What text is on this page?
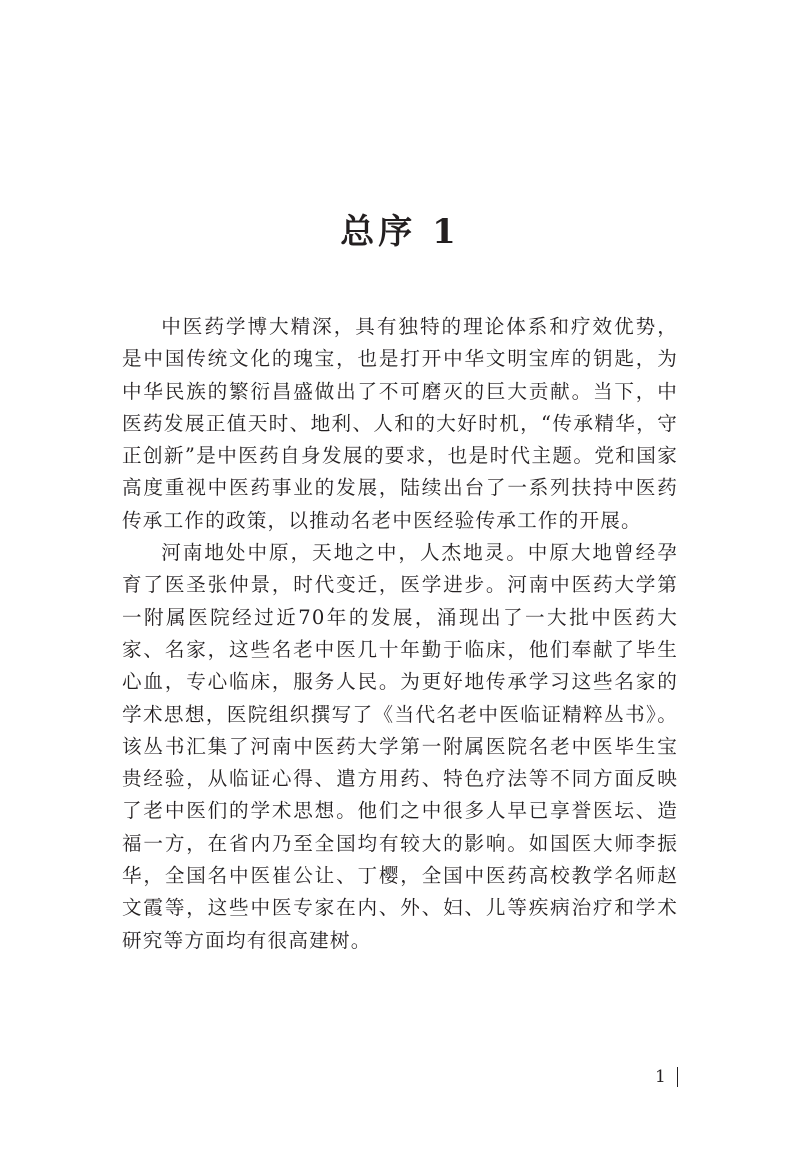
总序 1

中医药学博大精深，具有独特的理论体系和疗效优势，是中国传统文化的瑰宝，也是打开中华文明宝库的钥匙，为中华民族的繁衍昌盛做出了不可磨灭的巨大贡献。当下，中医药发展正值天时、地利、人和的大好时机，“传承精华，守正创新”是中医药自身发展的要求，也是时代主题。党和国家高度重视中医药事业的发展，陆续出台了一系列扶持中医药传承工作的政策，以推动名老中医经验传承工作的开展。

河南地处中原，天地之中，人杰地灵。中原大地曾经孕育了医圣张仲景，时代变迁，医学进步。河南中医药大学第一附属医院经过近70年的发展，涌现出了一大批中医药大家、名家，这些名老中医几十年勤于临床，他们奉献了毕生心血，专心临床，服务人民。为更好地传承学习这些名家的学术思想，医院组织撰写了《当代名老中医临证精粹丛书》。该丛书汇集了河南中医药大学第一附属医院名老中医毕生宝贵经验，从临证心得、遣方用药、特色疗法等不同方面反映了老中医们的学术思想。他们之中很多人早已享誉医坛、造福一方，在省内乃至全国均有较大的影响。如国医大师李振华，全国名中医崔公让、丁樱，全国中医药高校教学名师赵文霞等，这些中医专家在内、外、妇、儿等疾病治疗和学术研究等方面均有很高建树。

1
